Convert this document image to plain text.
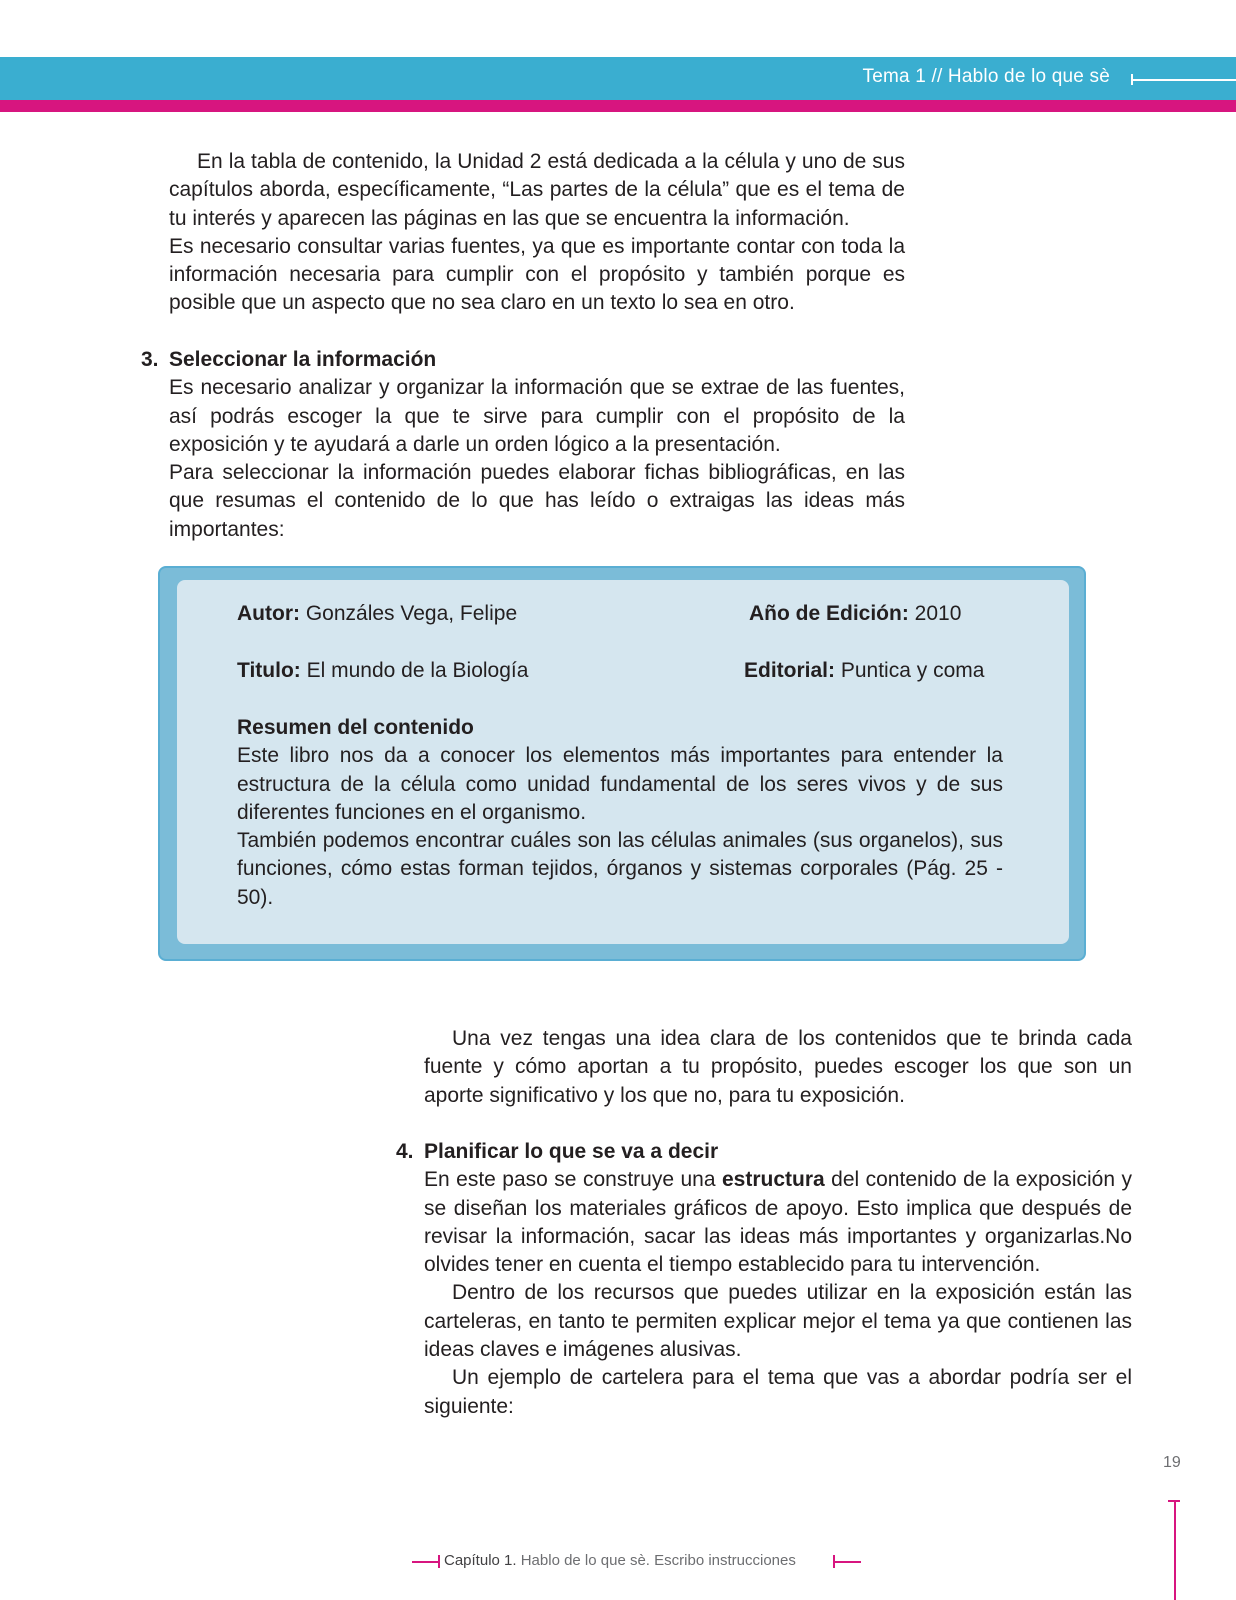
Tema 1 // Hablo de lo que sè

En la tabla de contenido, la Unidad 2 está dedicada a la célula y uno de sus capítulos aborda, específicamente, “Las partes de la célula” que es el tema de tu interés y aparecen las páginas en las que se encuentra la información.

Es necesario consultar varias fuentes, ya que es importante contar con toda la información necesaria para cumplir con el propósito y también porque es posible que un aspecto que no sea claro en un texto lo sea en otro.

3. Seleccionar la información

Es necesario analizar y organizar la información que se extrae de las fuentes, así podrás escoger la que te sirve para cumplir con el propósito de la exposición y te ayudará a darle un orden lógico a la presentación.

Para seleccionar la información puedes elaborar fichas bibliográficas, en las que resumas el contenido de lo que has leído o extraigas las ideas más importantes:

Autor: Gonzáles Vega, Felipe	Año de Edición: 2010
Titulo: El mundo de la Biología	Editorial: Puntica y coma

Resumen del contenido

Este libro nos da a conocer los elementos más importantes para entender la estructura de la célula como unidad fundamental de los seres vivos y de sus diferentes funciones en el organismo.

También podemos encontrar cuáles son las células animales (sus organelos), sus funciones, cómo estas forman tejidos, órganos y sistemas corporales (Pág. 25 - 50).

Una vez tengas una idea clara de los contenidos que te brinda cada fuente y cómo aportan a tu propósito, puedes escoger los que son un aporte significativo y los que no, para tu exposición.

4. Planificar lo que se va a decir

En este paso se construye una estructura del contenido de la exposición y se diseñan los materiales gráficos de apoyo. Esto implica que después de revisar la información, sacar las ideas más importantes y organizarlas.No olvides tener en cuenta el tiempo establecido para tu intervención.

Dentro de los recursos que puedes utilizar en la exposición están las carteleras, en tanto te permiten explicar mejor el tema ya que contienen las ideas claves e imágenes alusivas.

Un ejemplo de cartelera para el tema que vas a abordar podría ser el siguiente:

19
Capítulo 1. Hablo de lo que sè. Escribo instrucciones
